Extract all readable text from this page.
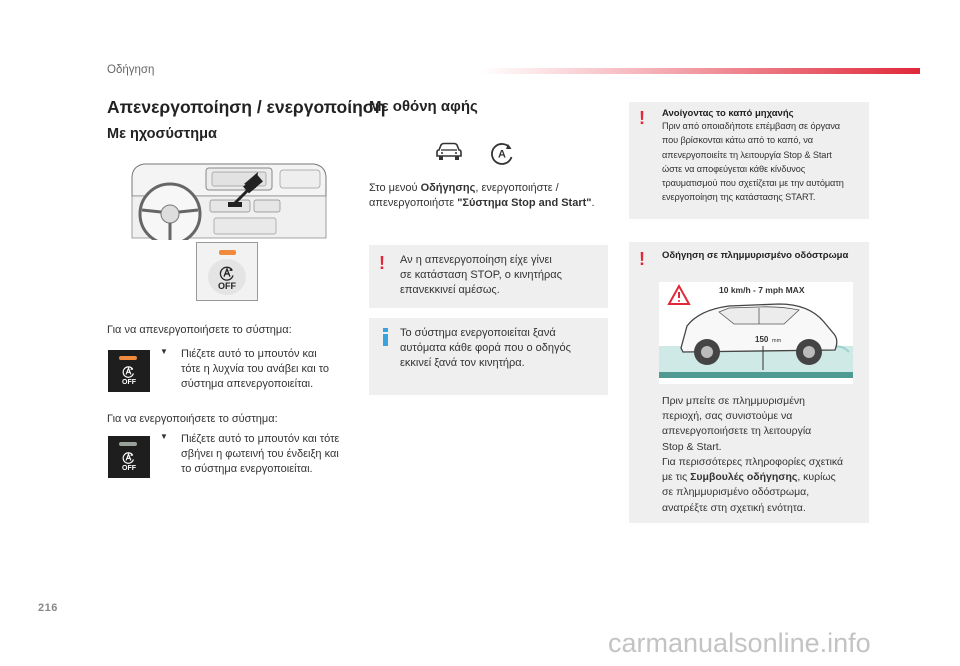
Οδήγηση
Απενεργοποίηση / ενεργοποίηση
Με ηχοσύστημα
OFF
Για να απενεργοποιήσετε το σύστημα:
OFF
▼ Πιέζετε αυτό το μπουτόν και
τότε η λυχνία του ανάβει και το
σύστημα απενεργοποιείται.
Για να ενεργοποιήσετε το σύστημα:
OFF
▼ Πιέζετε αυτό το μπουτόν και τότε
σβήνει η φωτεινή του ένδειξη και
το σύστημα ενεργοποιείται.
Με οθόνη αφής
A
Στο μενού Οδήγησης, ενεργοποιήστε /
απενεργοποιήστε "Σύστημα Stop and Start".
! Αν η απενεργοποίηση είχε γίνει
σε κατάσταση STOP, ο κινητήρας
επανεκκινεί αμέσως.
Το σύστημα ενεργοποιείται ξανά
αυτόματα κάθε φορά που ο οδηγός
εκκινεί ξανά τον κινητήρα.
! Ανοίγοντας το καπό μηχανής
Πριν από οποιαδήποτε επέμβαση σε όργανα
που βρίσκονται κάτω από το καπό, να
απενεργοποιείτε τη λειτουργία Stop & Start
ώστε να αποφεύγεται κάθε κίνδυνος
τραυματισμού που σχετίζεται με την αυτόματη
ενεργοποίηση της κατάστασης START.
! Οδήγηση σε πλημμυρισμένο οδόστρωμα
10 km/h - 7 mph MAX
150 mm
Πριν μπείτε σε πλημμυρισμένη
περιοχή, σας συνιστούμε να
απενεργοποιήσετε τη λειτουργία
Stop & Start.
Για περισσότερες πληροφορίες σχετικά
με τις Συμβουλές οδήγησης, κυρίως
σε πλημμυρισμένο οδόστρωμα,
ανατρέξτε στη σχετική ενότητα.
216
carmanualsonline.info
